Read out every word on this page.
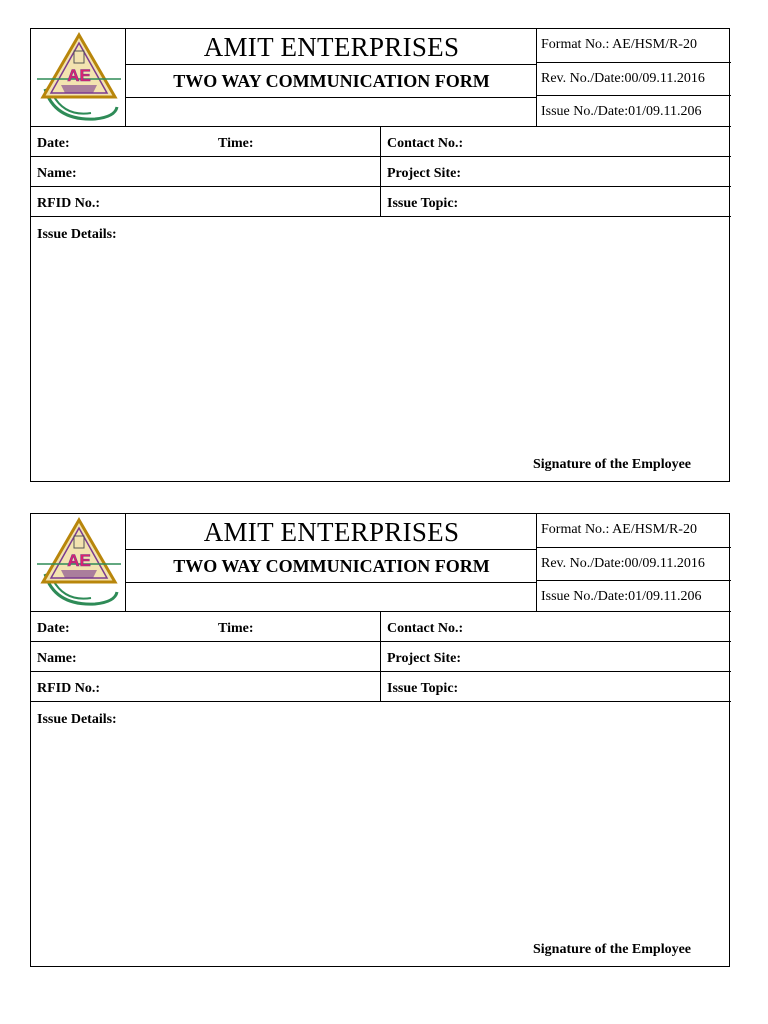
AE
AMIT ENTERPRISES
TWO WAY COMMUNICATION FORM
Format No.: AE/HSM/R-20
Rev. No./Date:00/09.11.2016
Issue No./Date:01/09.11.206
Date:	Time:	Contact No.:
Name:	Project Site:
RFID No.:	Issue Topic:
Issue Details:
Signature of the Employee
AE
AMIT ENTERPRISES
TWO WAY COMMUNICATION FORM
Format No.: AE/HSM/R-20
Rev. No./Date:00/09.11.2016
Issue No./Date:01/09.11.206
Date:	Time:	Contact No.:
Name:	Project Site:
RFID No.:	Issue Topic:
Issue Details:
Signature of the Employee
